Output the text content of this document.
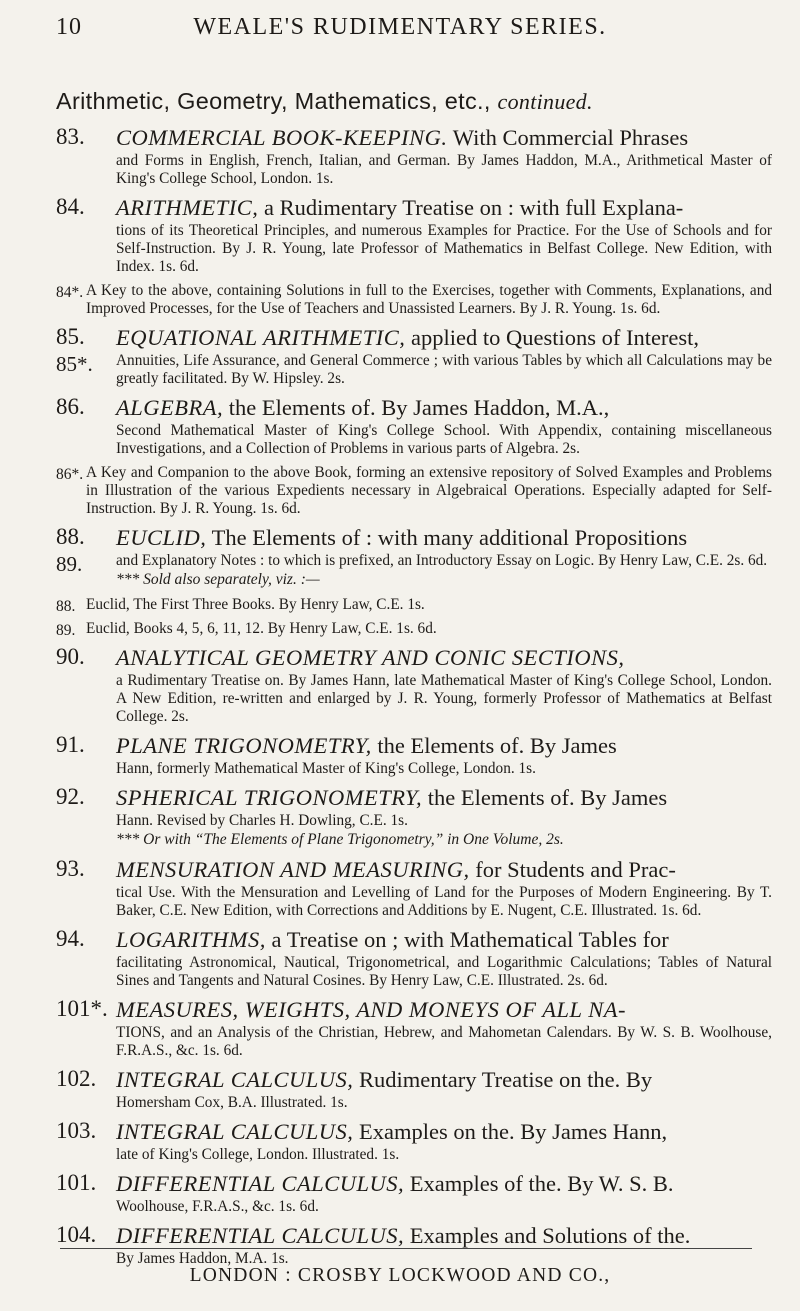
10	WEALE'S RUDIMENTARY SERIES.
Arithmetic, Geometry, Mathematics, etc., continued.
83. COMMERCIAL BOOK-KEEPING. With Commercial Phrases
and Forms in English, French, Italian, and German. By James Haddon, M.A., Arithmetical Master of King's College School, London. 1s.
84. ARITHMETIC, a Rudimentary Treatise on : with full Explana-
tions of its Theoretical Principles, and numerous Examples for Practice. For the Use of Schools and for Self-Instruction. By J. R. Young, late Professor of Mathematics in Belfast College. New Edition, with Index. 1s. 6d.
84*. A Key to the above, containing Solutions in full to the Exercises, together with Comments, Explanations, and Improved Processes, for the Use of Teachers and Unassisted Learners. By J. R. Young. 1s. 6d.
85. EQUATIONAL ARITHMETIC, applied to Questions of Interest,
85*. Annuities, Life Assurance, and General Commerce ; with various Tables by which all Calculations may be greatly facilitated. By W. Hipsley. 2s.
86. ALGEBRA, the Elements of. By James Haddon, M.A.,
Second Mathematical Master of King's College School. With Appendix, containing miscellaneous Investigations, and a Collection of Problems in various parts of Algebra. 2s.
86*. A Key and Companion to the above Book, forming an extensive repository of Solved Examples and Problems in Illustration of the various Expedients necessary in Algebraical Operations. Especially adapted for Self-Instruction. By J. R. Young. 1s. 6d.
88. EUCLID, The Elements of : with many additional Propositions
89. and Explanatory Notes : to which is prefixed, an Introductory Essay on Logic. By Henry Law, C.E. 2s. 6d.
*** Sold also separately, viz. :—
88. Euclid, The First Three Books. By Henry Law, C.E. 1s.
89. Euclid, Books 4, 5, 6, 11, 12. By Henry Law, C.E. 1s. 6d.
90. ANALYTICAL GEOMETRY AND CONIC SECTIONS,
a Rudimentary Treatise on. By James Hann, late Mathematical Master of King's College School, London. A New Edition, re-written and enlarged by J. R. Young, formerly Professor of Mathematics at Belfast College. 2s.
91. PLANE TRIGONOMETRY, the Elements of. By James
Hann, formerly Mathematical Master of King's College, London. 1s.
92. SPHERICAL TRIGONOMETRY, the Elements of. By James
Hann. Revised by Charles H. Dowling, C.E. 1s.
*** Or with “The Elements of Plane Trigonometry,” in One Volume, 2s.
93. MENSURATION AND MEASURING, for Students and Prac-
tical Use. With the Mensuration and Levelling of Land for the Purposes of Modern Engineering. By T. Baker, C.E. New Edition, with Corrections and Additions by E. Nugent, C.E. Illustrated. 1s. 6d.
94. LOGARITHMS, a Treatise on ; with Mathematical Tables for
facilitating Astronomical, Nautical, Trigonometrical, and Logarithmic Calculations; Tables of Natural Sines and Tangents and Natural Cosines. By Henry Law, C.E. Illustrated. 2s. 6d.
101*. MEASURES, WEIGHTS, AND MONEYS OF ALL NA-
TIONS, and an Analysis of the Christian, Hebrew, and Mahometan Calendars. By W. S. B. Woolhouse, F.R.A.S., &c. 1s. 6d.
102. INTEGRAL CALCULUS, Rudimentary Treatise on the. By
Homersham Cox, B.A. Illustrated. 1s.
103. INTEGRAL CALCULUS, Examples on the. By James Hann,
late of King's College, London. Illustrated. 1s.
101. DIFFERENTIAL CALCULUS, Examples of the. By W. S. B.
Woolhouse, F.R.A.S., &c. 1s. 6d.
104. DIFFERENTIAL CALCULUS, Examples and Solutions of the.
By James Haddon, M.A. 1s.
LONDON : CROSBY LOCKWOOD AND CO.,
